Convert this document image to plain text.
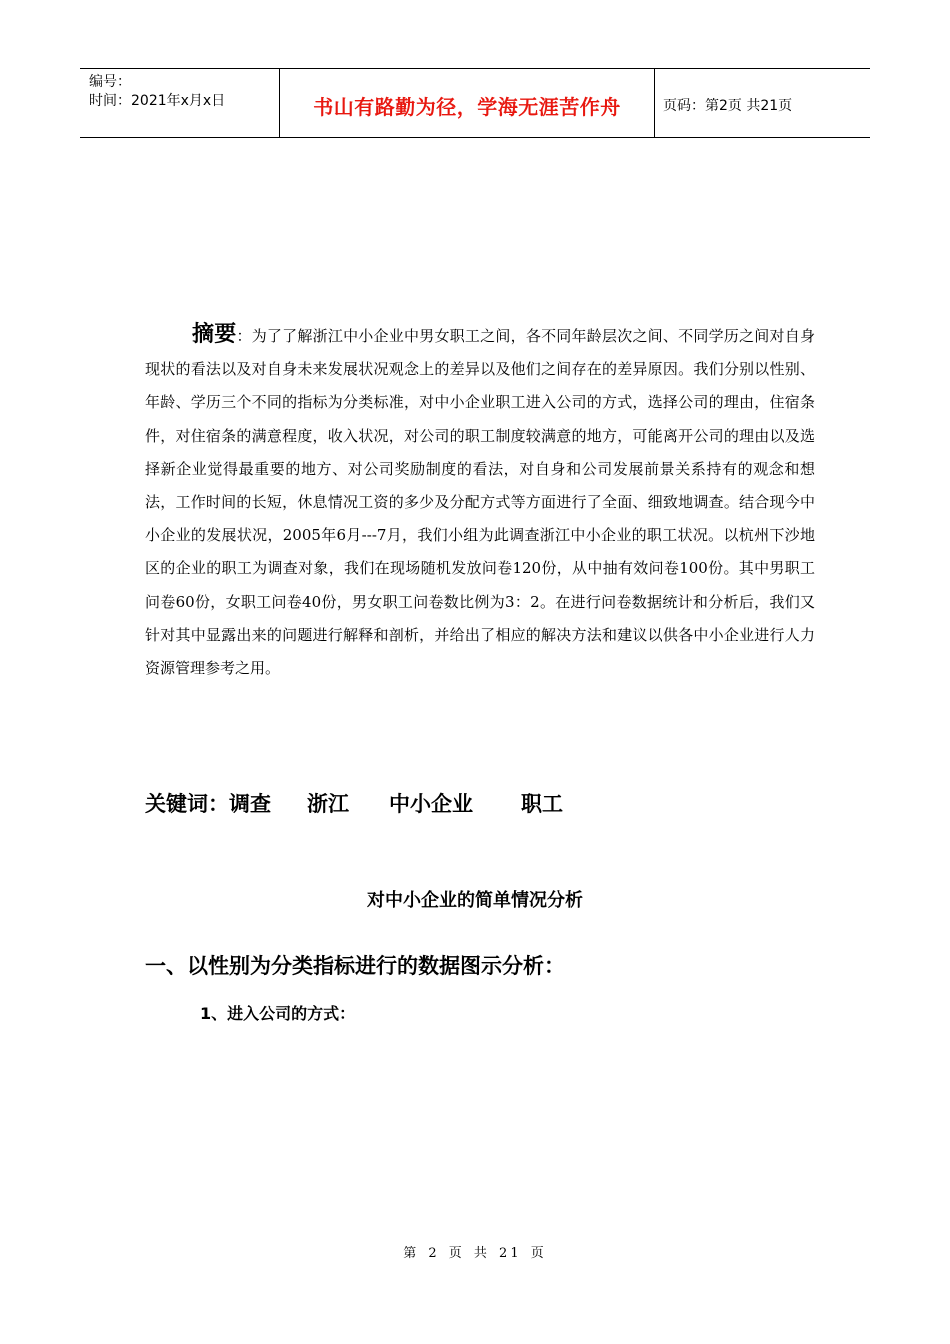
编号：
时间：2021年x月x日	书山有路勤为径，学海无涯苦作舟	页码：第2页 共21页
摘要：为了了解浙江中小企业中男女职工之间，各不同年龄层次之间、不同学历之间对自身现状的看法以及对自身未来发展状况观念上的差异以及他们之间存在的差异原因。我们分别以性别、年龄、学历三个不同的指标为分类标准，对中小企业职工进入公司的方式，选择公司的理由，住宿条件，对住宿条的满意程度，收入状况，对公司的职工制度较满意的地方，可能离开公司的理由以及选择新企业觉得最重要的地方、对公司奖励制度的看法，对自身和公司发展前景关系持有的观念和想法，工作时间的长短，休息情况工资的多少及分配方式等方面进行了全面、细致地调查。结合现今中小企业的发展状况，2005年6月---7月，我们小组为此调查浙江中小企业的职工状况。以杭州下沙地区的企业的职工为调查对象，我们在现场随机发放问卷120份，从中抽有效问卷100份。其中男职工问卷60份，女职工问卷40份，男女职工问卷数比例为3：2。在进行问卷数据统计和分析后，我们又针对其中显露出来的问题进行解释和剖析，并给出了相应的解决方法和建议以供各中小企业进行人力资源管理参考之用。
关键词：调查 浙江 中小企业 职工
对中小企业的简单情况分析
一、以性别为分类指标进行的数据图示分析：
1、进入公司的方式：
第 2 页 共 21 页
